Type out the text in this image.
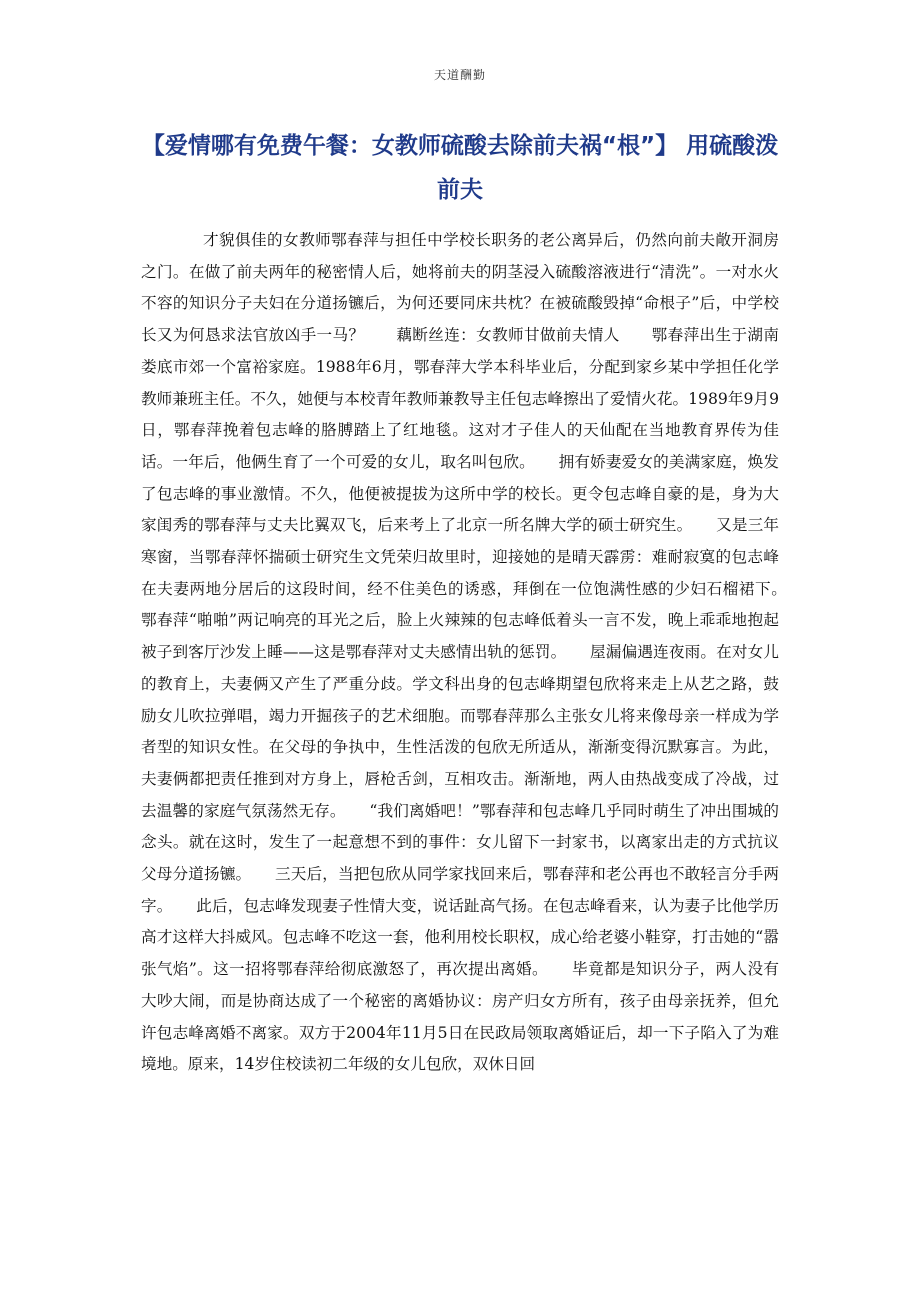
天道酬勤
【爱情哪有免费午餐：女教师硫酸去除前夫祸“根”】 用硫酸泼前夫

才貌俱佳的女教师鄂春萍与担任中学校长职务的老公离异后，仍然向前夫敞开洞房之门。在做了前夫两年的秘密情人后，她将前夫的阴茎浸入硫酸溶液进行“清洗”。一对水火不容的知识分子夫妇在分道扬镳后，为何还要同床共枕？在被硫酸毁掉“命根子”后，中学校长又为何恳求法官放凶手一马？　　藕断丝连：女教师甘做前夫情人　　鄂春萍出生于湖南娄底市郊一个富裕家庭。1988年6月，鄂春萍大学本科毕业后，分配到家乡某中学担任化学教师兼班主任。不久，她便与本校青年教师兼教导主任包志峰擦出了爱情火花。1989年9月9日，鄂春萍挽着包志峰的胳膊踏上了红地毯。这对才子佳人的天仙配在当地教育界传为佳话。一年后，他俩生育了一个可爱的女儿，取名叫包欣。　　拥有娇妻爱女的美满家庭，焕发了包志峰的事业激情。不久，他便被提拔为这所中学的校长。更令包志峰自豪的是，身为大家闺秀的鄂春萍与丈夫比翼双飞，后来考上了北京一所名牌大学的硕士研究生。　　又是三年寒窗，当鄂春萍怀揣硕士研究生文凭荣归故里时，迎接她的是晴天霹雳：难耐寂寞的包志峰在夫妻两地分居后的这段时间，经不住美色的诱惑，拜倒在一位饱满性感的少妇石榴裙下。　　鄂春萍“啪啪”两记响亮的耳光之后，脸上火辣辣的包志峰低着头一言不发，晚上乖乖地抱起被子到客厅沙发上睡——这是鄂春萍对丈夫感情出轨的惩罚。　　屋漏偏遇连夜雨。在对女儿的教育上，夫妻俩又产生了严重分歧。学文科出身的包志峰期望包欣将来走上从艺之路，鼓励女儿吹拉弹唱，竭力开掘孩子的艺术细胞。而鄂春萍那么主张女儿将来像母亲一样成为学者型的知识女性。在父母的争执中，生性活泼的包欣无所适从，渐渐变得沉默寡言。为此，夫妻俩都把责任推到对方身上，唇枪舌剑，互相攻击。渐渐地，两人由热战变成了冷战，过去温馨的家庭气氛荡然无存。　　“我们离婚吧！”鄂春萍和包志峰几乎同时萌生了冲出围城的念头。就在这时，发生了一起意想不到的事件：女儿留下一封家书，以离家出走的方式抗议父母分道扬镳。　　三天后，当把包欣从同学家找回来后，鄂春萍和老公再也不敢轻言分手两字。　　此后，包志峰发现妻子性情大变，说话趾高气扬。在包志峰看来，认为妻子比他学历高才这样大抖威风。包志峰不吃这一套，他利用校长职权，成心给老婆小鞋穿，打击她的“嚣张气焰”。这一招将鄂春萍给彻底激怒了，再次提出离婚。　　毕竟都是知识分子，两人没有大吵大闹，而是协商达成了一个秘密的离婚协议：房产归女方所有，孩子由母亲抚养，但允许包志峰离婚不离家。双方于2004年11月5日在民政局领取离婚证后，却一下子陷入了为难境地。原来，14岁住校读初二年级的女儿包欣，双休日回
